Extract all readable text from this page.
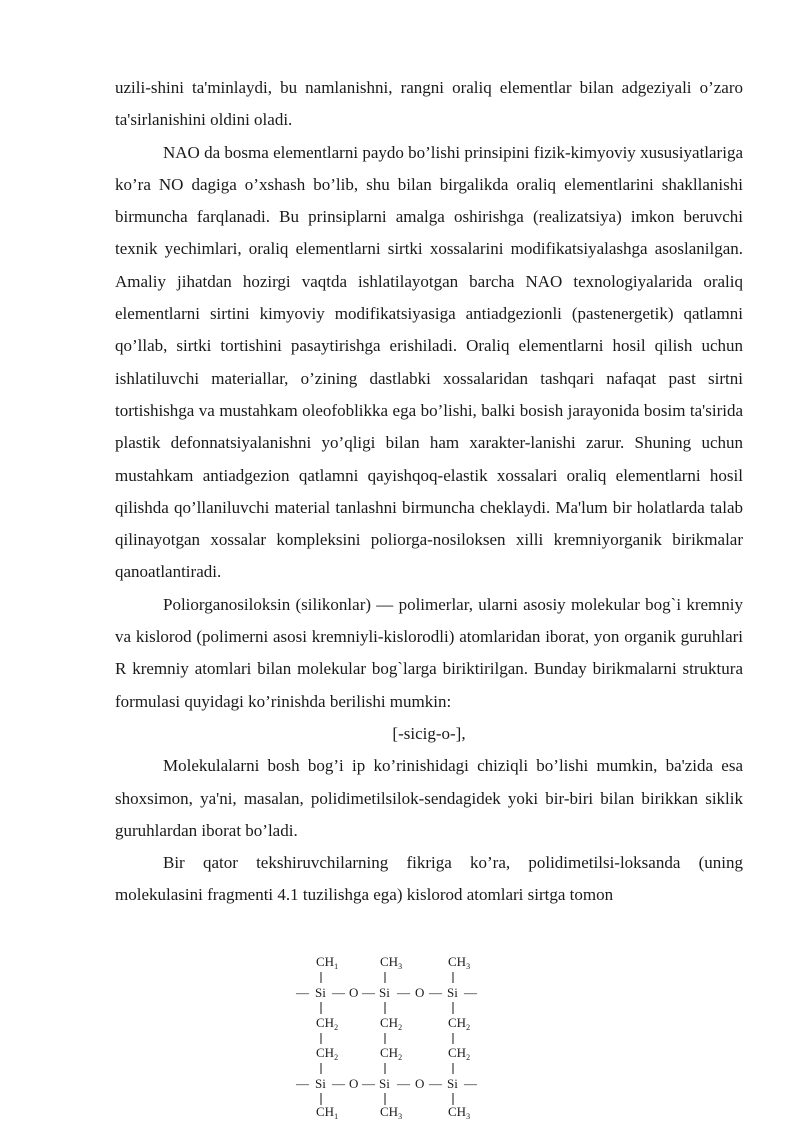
uzili-shini ta'minlaydi, bu namlanishni, rangni oraliq elementlar bilan adgeziyali o’zaro ta'sirlanishini oldini oladi.

NAO da bosma elementlarni paydo bo’lishi prinsipini fizik-kimyoviy xususiyatlariga ko’ra NO dagiga o’xshash bo’lib, shu bilan birgalikda oraliq elementlarini shakllanishi birmuncha farqlanadi. Bu prinsiplarni amalga oshirishga (realizatsiya) imkon beruvchi texnik yechimlari, oraliq elementlarni sirtki xossalarini modifikatsiyalashga asoslanilgan. Amaliy jihatdan hozirgi vaqtda ishlatilayotgan barcha NAO texnologiyalarida oraliq elementlarni sirtini kimyoviy modifikatsiyasiga antiadgezionli (pastenergetik) qatlamni qo’llab, sirtki tortishini pasaytirishga erishiladi. Oraliq elementlarni hosil qilish uchun ishlatiluvchi materiallar, o’zining dastlabki xossalaridan tashqari nafaqat past sirtni tortishishga va mustahkam oleofoblikka ega bo’lishi, balki bosish jarayonida bosim ta'sirida plastik defonnatsiyalanishni yo’qligi bilan ham xarakter-lanishi zarur. Shuning uchun mustahkam antiadgezion qatlamni qayishqoq-elastik xossalari oraliq elementlarni hosil qilishda qo’llaniluvchi material tanlashni birmuncha cheklaydi. Ma'lum bir holatlarda talab qilinayotgan xossalar kompleksini poliorga-nosiloksen xilli kremniyorganik birikmalar qanoatlantiradi.

Poliorganosiloksin (silikonlar) — polimerlar, ularni asosiy molekular bog`i kremniy va kislorod (polimerni asosi kremniyli-kislorodli) atomlaridan iborat, yon organik guruhlari R kremniy atomlari bilan molekular bog`larga biriktirilgan. Bunday birikmalarni struktura formulasi quyidagi ko’rinishda berilishi mumkin:

[-sicig-o-],

Molekulalarni bosh bog’i ip ko’rinishidagi chiziqli bo’lishi mumkin, ba'zida esa shoxsimon, ya'ni, masalan, polidimetilsilok-sendagidek yoki bir-biri bilan birikkan siklik guruhlardan iborat bo’ladi.

Bir qator tekshiruvchilarning fikriga ko’ra, polidimetilsi-loksanda (uning molekulasini fragmenti 4.1 tuzilishga ega) kislorod atomlari sirtga tomon

$CH_1$	$CH_3$	$CH_3$
— Si — O — Si — O — Si —
$CH_2$	$CH_2$	$CH_2$
$CH_2$	$CH_2$	$CH_2$
— Si — O — Si — O — Si —
$CH_1$	$CH_3$	$CH_3$
